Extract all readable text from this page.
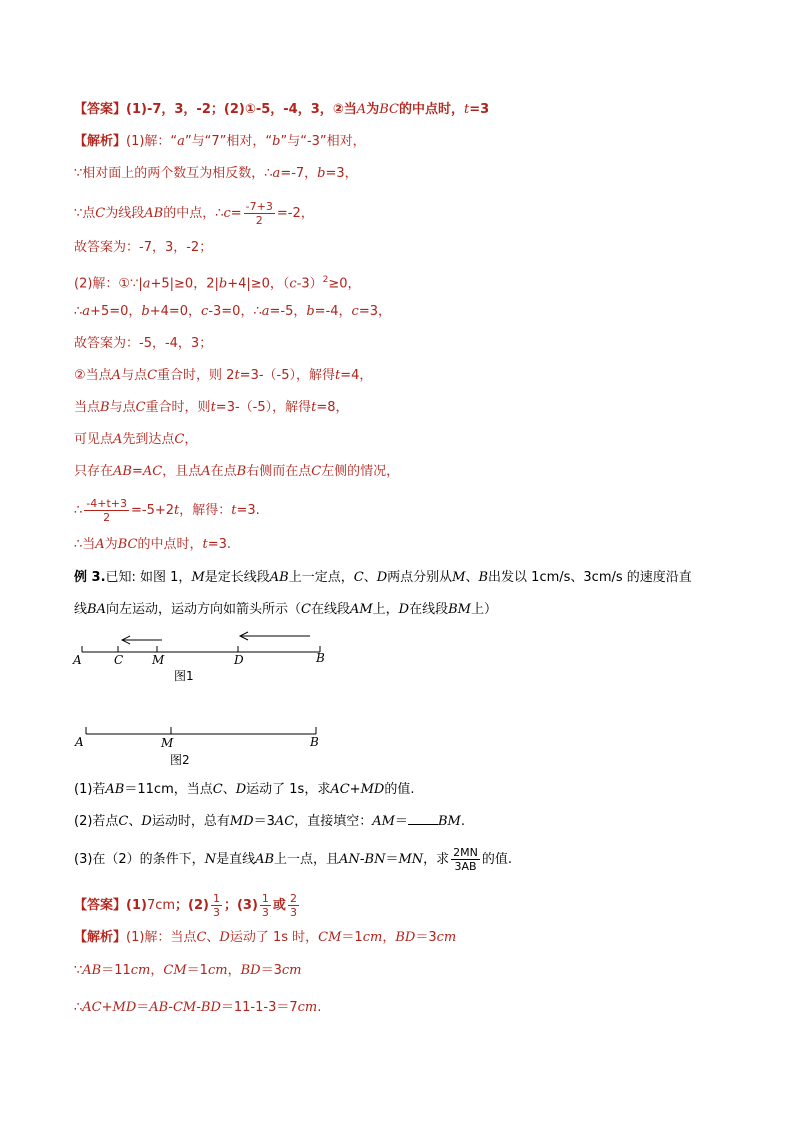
【答案】(1)-7，3，-2；(2)①-5，-4，3，②当A为BC的中点时，t=3
【解析】(1)解：“a”与“7”相对，“b”与“-3”相对，
∵相对面上的两个数互为相反数，∴a=-7，b=3，
∵点C为线段AB的中点，∴c= $\frac{-7+3}{2} =-2$，
故答案为：-7，3，-2；
(2)解：①∵|a+5|≥0，2|b+4|≥0，$(c-3)^2\ge 0$，
∴a+5=0，b+4=0，c-3=0，∴a=-5，b=-4，c=3，
故答案为：-5，-4，3；
②当点A与点C重合时，则 2t=3-（-5），解得t=4，
当点B与点C重合时，则t=3-（-5），解得t=8，
可见点A先到达点C，
只存在AB=AC，且点A在点B右侧而在点C左侧的情况，
∴ $\frac{-4+t+3}{2} =-5+2t$，解得：t=3.
∴当A为BC的中点时，t=3.
例 3.已知: 如图 1，M是定长线段AB上一定点，C、D两点分别从M、B出发以 1cm/s、3cm/s 的速度沿直
线BA向左运动，运动方向如箭头所示（C在线段AM上，D在线段BM上）
A	C M	D	B
图1
A	M	B
图2
(1)若AB＝11cm，当点C、D运动了 1s，求AC+MD的值.
(2)若点C、D运动时，总有MD＝3AC，直接填空：AM＝ BM.
(3)在（2）的条件下，N是直线AB上一点，且AN-BN＝MN，求 $\frac{2MN}{3AB}$ 的值.
【答案】(1)7cm；$(2) \frac{1}{3}$ ；$(3) \frac{1}{3}$ 或 $\frac{2}{3}$
【解析】(1)解：当点C、D运动了 1s 时，CM＝1cm，BD＝3cm
∵AB＝11cm，CM＝1cm，BD＝3cm
∴AC+MD＝AB-CM-BD＝11-1-3＝7cm.
